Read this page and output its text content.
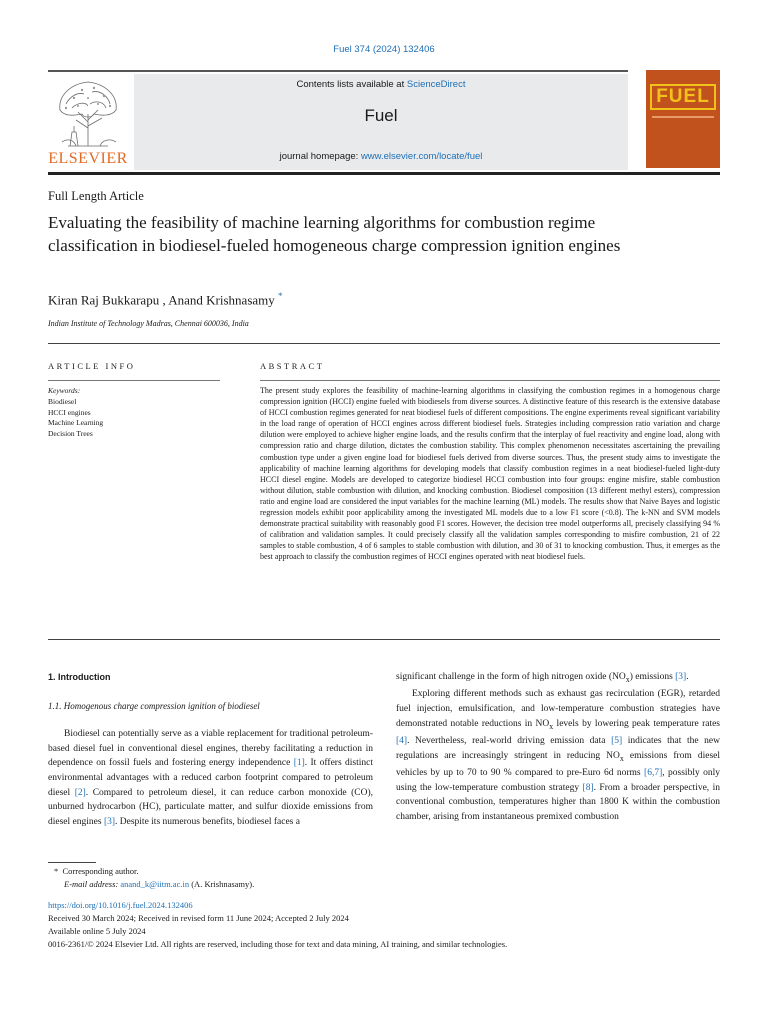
Fuel 374 (2024) 132406
ELSEVIER
Contents lists available at ScienceDirect
Fuel
journal homepage: www.elsevier.com/locate/fuel
FUEL
Full Length Article
Evaluating the feasibility of machine learning algorithms for combustion regime classification in biodiesel-fueled homogeneous charge compression ignition engines
Kiran Raj Bukkarapu , Anand Krishnasamy *
Indian Institute of Technology Madras, Chennai 600036, India
ARTICLE INFO
Keywords:
Biodiesel
HCCI engines
Machine Learning
Decision Trees
ABSTRACT

The present study explores the feasibility of machine-learning algorithms in classifying the combustion regimes in a homogenous charge compression ignition (HCCI) engine fueled with biodiesels from diverse sources. A distinctive feature of this research is the extensive database of HCCI combustion regimes generated for neat biodiesel fuels of different compositions. The engine experiments reveal significant variability in the load range of operation of HCCI engines across different biodiesel fuels. Strategies including compression ratio variation and charge dilution were employed to achieve higher engine loads, and the results confirm that the interplay of fuel reactivity and engine load, along with compression ratio and charge dilution, dictates the combustion stability. This complex phenomenon necessitates ascertaining the prevailing combustion type under a given engine load for biodiesel fuels derived from diverse sources. Thus, the present study aims to investigate the applicability of machine learning algorithms for developing models that classify combustion regimes in a neat biodiesel-fueled light-duty HCCI diesel engine. Models are developed to categorize biodiesel HCCI combustion into four groups: engine misfire, stable combustion without dilution, stable combustion with dilution, and knocking combustion. Biodiesel composition (13 different methyl esters), compression ratio and engine load are considered the input variables for the machine learning (ML) models. The results show that Naive Bayes and logistic regression models exhibit poor applicability among the investigated ML models due to a low F1 score (<0.8). The k-NN and SVM models demonstrate practical suitability with reasonably good F1 scores. However, the decision tree model outperforms all, precisely classifying 94 % of calibration and validation samples. It could precisely classify all the validation samples corresponding to misfire combustion, 21 of 22 samples to stable combustion, 4 of 6 samples to stable combustion with dilution, and 30 of 31 to knocking combustion. Thus, it emerges as the best approach to classify the combustion regimes of HCCI engines operated with neat biodiesel fuels.

1. Introduction
1.1. Homogenous charge compression ignition of biodiesel

Biodiesel can potentially serve as a viable replacement for traditional petroleum-based diesel fuel in conventional diesel engines, thereby facilitating a reduction in dependence on fossil fuels and fostering energy independence [1]. It offers distinct environmental advantages with a reduced carbon footprint compared to petroleum diesel [2]. Compared to petroleum diesel, it can reduce carbon monoxide (CO), unburned hydrocarbon (HC), particulate matter, and sulfur dioxide emissions from diesel engines [3]. Despite its numerous benefits, biodiesel faces a

significant challenge in the form of high nitrogen oxide $(NO_x)$ emissions [3].

Exploring different methods such as exhaust gas recirculation (EGR), retarded fuel injection, emulsification, and low-temperature combustion strategies have demonstrated notable reductions in $NO_x$ levels by lowering peak temperature rates [4]. Nevertheless, real-world driving emission data [5] indicates that the new regulations are increasingly stringent in reducing $NO_x$ emissions from diesel vehicles by up to 70 to 90 % compared to pre-Euro 6d norms [6,7], possibly only using the low-temperature combustion strategy [8]. From a broader perspective, in conventional combustion, temperatures higher than 1800 K within the combustion chamber, arising from instantaneous premixed combustion

* Corresponding author.
E-mail address: anand_k@iitm.ac.in (A. Krishnasamy).
https://doi.org/10.1016/j.fuel.2024.132406
Received 30 March 2024; Received in revised form 11 June 2024; Accepted 2 July 2024
Available online 5 July 2024
0016-2361/© 2024 Elsevier Ltd. All rights are reserved, including those for text and data mining, AI training, and similar technologies.
